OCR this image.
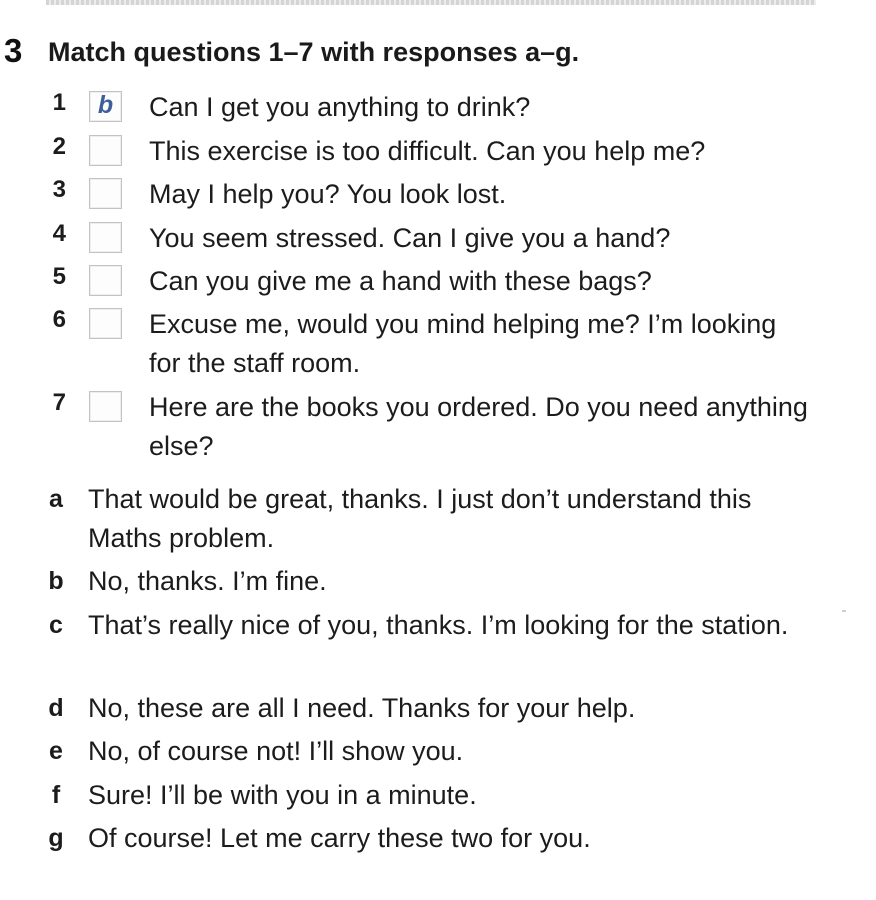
3 Match questions 1–7 with responses a–g.
1	b Can I get you anything to drink?
2	This exercise is too difficult. Can you help me?
3	May I help you? You look lost.
4	You seem stressed. Can I give you a hand?
5	Can you give me a hand with these bags?
6	Excuse me, would you mind helping me? I’m looking for the staff room.
7	Here are the books you ordered. Do you need anything else?
a That would be great, thanks. I just don’t understand this Maths problem.
b No, thanks. I’m fine.
c That’s really nice of you, thanks. I’m looking for the station.
d No, these are all I need. Thanks for your help.
e No, of course not! I’ll show you.
f Sure! I’ll be with you in a minute.
g Of course! Let me carry these two for you.
